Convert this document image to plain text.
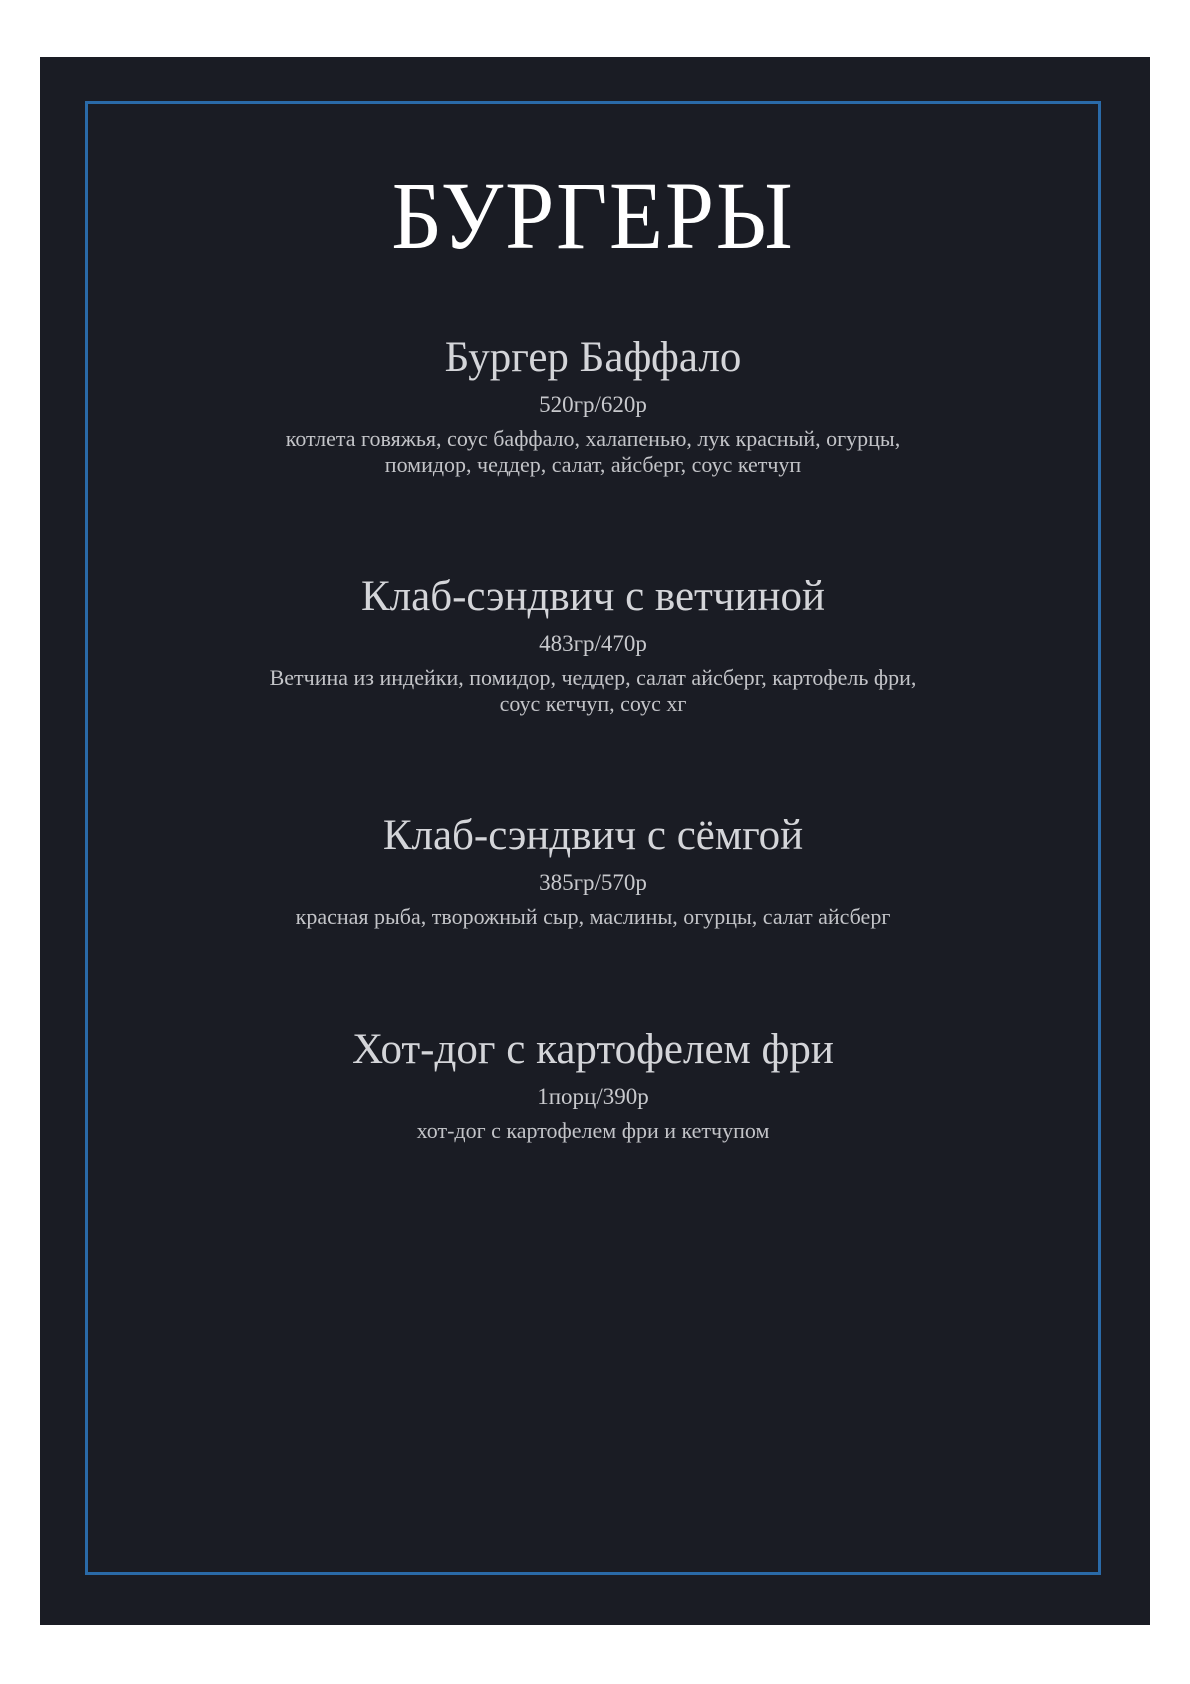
БУРГЕРЫ
Бургер Баффало
520гр/620р
котлета говяжья, соус баффало, халапенью, лук красный, огурцы,
помидор, чеддер, салат, айсберг, соус кетчуп
Клаб-сэндвич с ветчиной
483гр/470р
Ветчина из индейки, помидор, чеддер, салат айсберг, картофель фри,
соус кетчуп, соус хг
Клаб-сэндвич с сёмгой
385гр/570р
красная рыба, творожный сыр, маслины, огурцы, салат айсберг
Хот-дог с картофелем фри
1порц/390р
хот-дог с картофелем фри и кетчупом
